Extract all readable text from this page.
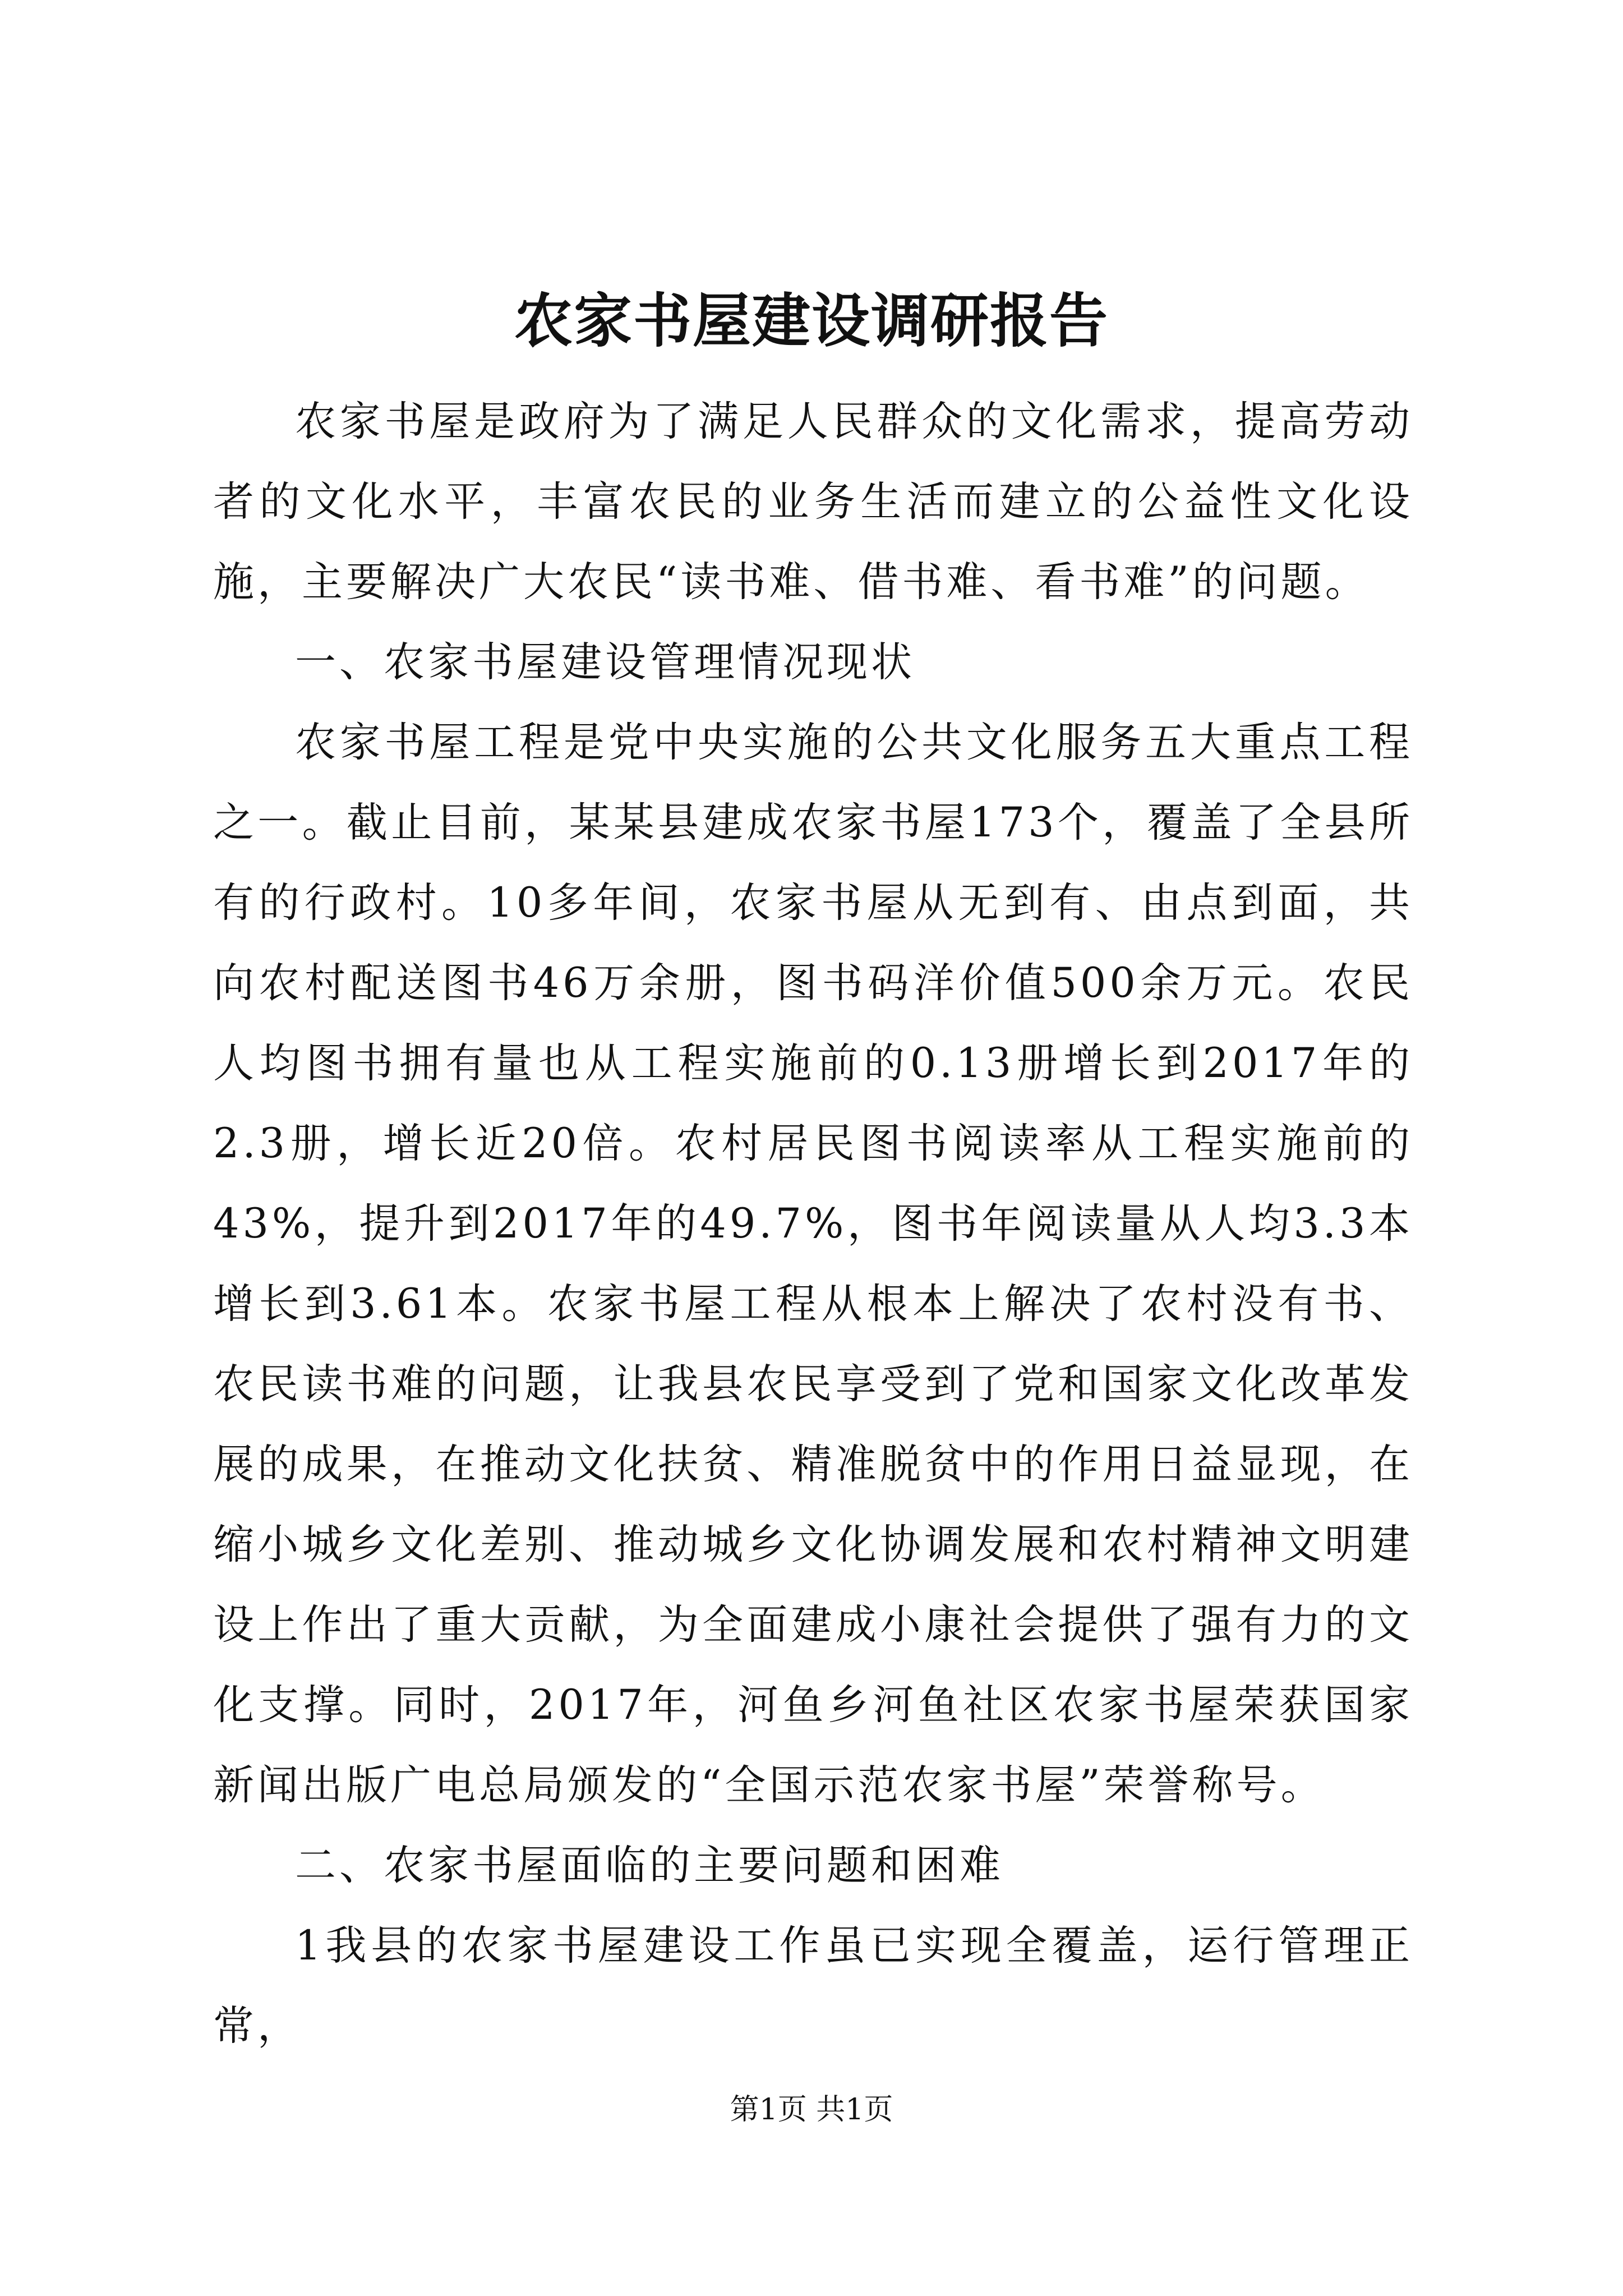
农家书屋建设调研报告

农家书屋是政府为了满足人民群众的文化需求，提高劳动者的文化水平，丰富农民的业务生活而建立的公益性文化设施，主要解决广大农民“读书难、借书难、看书难”的问题。

一、农家书屋建设管理情况现状

农家书屋工程是党中央实施的公共文化服务五大重点工程之一。截止目前，某某县建成农家书屋173个，覆盖了全县所有的行政村。10多年间，农家书屋从无到有、由点到面，共向农村配送图书46万余册，图书码洋价值500余万元。农民人均图书拥有量也从工程实施前的0.13册增长到2017年的2.3册，增长近20倍。农村居民图书阅读率从工程实施前的43%，提升到2017年的49.7%，图书年阅读量从人均3.3本增长到3.61本。农家书屋工程从根本上解决了农村没有书、农民读书难的问题，让我县农民享受到了党和国家文化改革发展的成果，在推动文化扶贫、精准脱贫中的作用日益显现，在缩小城乡文化差别、推动城乡文化协调发展和农村精神文明建设上作出了重大贡献，为全面建成小康社会提供了强有力的文化支撑。同时，2017年，河鱼乡河鱼社区农家书屋荣获国家新闻出版广电总局颁发的“全国示范农家书屋”荣誉称号。

二、农家书屋面临的主要问题和困难

1我县的农家书屋建设工作虽已实现全覆盖，运行管理正常，

第1页 共1页
